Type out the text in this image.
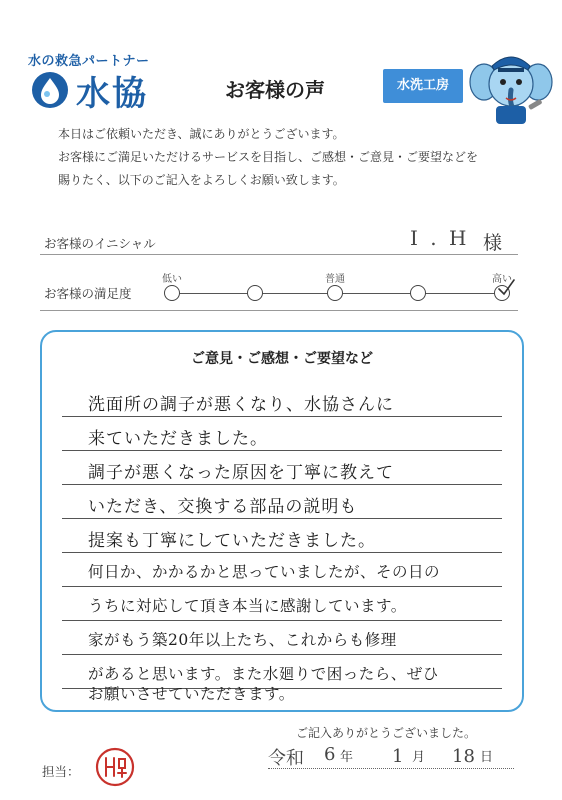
水の救急パートナー
水協	お客様の声	水洗工房
本日はご依頼いただき、誠にありがとうございます。
お客様にご満足いただけるサービスを目指し、ご感想・ご意見・ご要望などを
賜りたく、以下のご記入をよろしくお願い致します。
お客様のイニシャル	I . H 様
お客様の満足度
低い	普通	高い
ご意見・ご感想・ご要望など
洗面所の調子が悪くなり、水協さんに
来ていただきました。
調子が悪くなった原因を丁寧に教えて
いただき、交換する部品の説明も
提案も丁寧にしていただきました。
何日か、かかるかと思っていましたが、その日の
うちに対応して頂き本当に感謝しています。
家がもう築20年以上たち、これからも修理
があると思います。また水廻りで困ったら、ぜひ
お願いさせていただきます。
ご記入ありがとうございました。
担当：
令和 6 年 1 月 18 日
